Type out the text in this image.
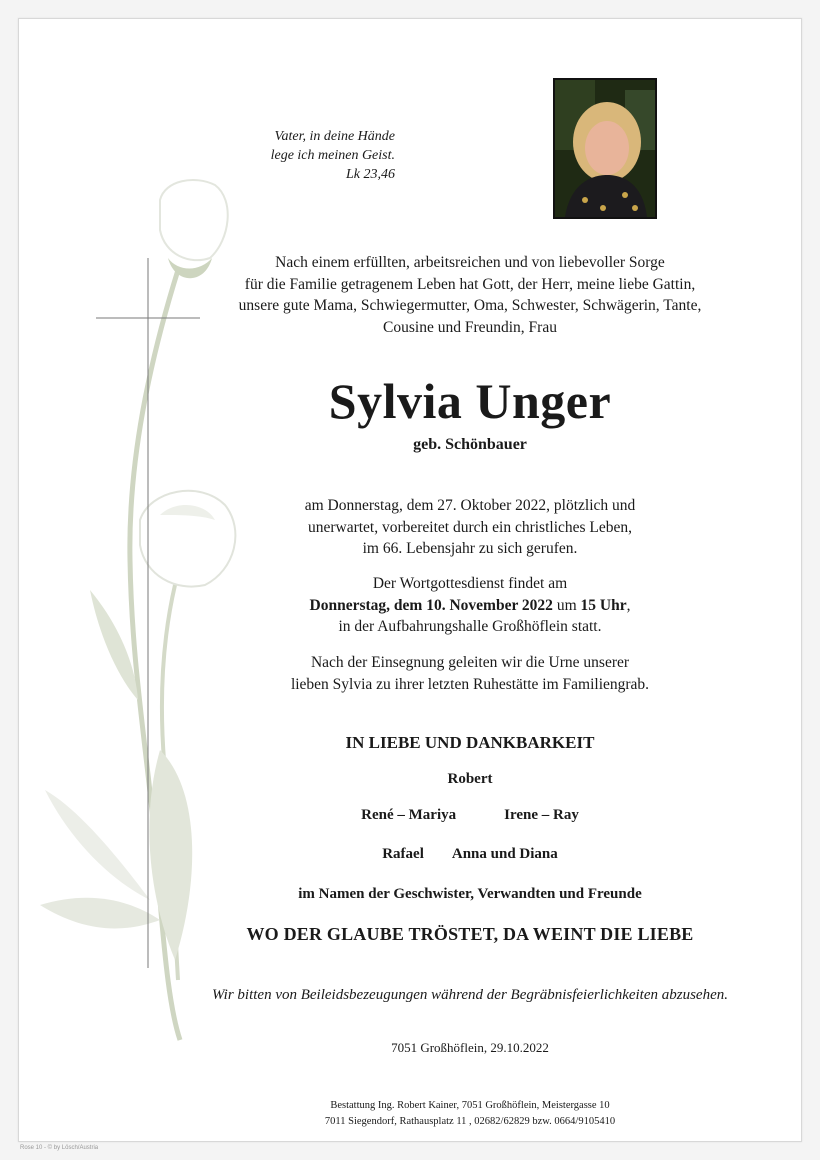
Vater, in deine Hände
lege ich meinen Geist.
Lk 23,46
Nach einem erfüllten, arbeitsreichen und von liebevoller Sorge
für die Familie getragenem Leben hat Gott, der Herr, meine liebe Gattin,
unsere gute Mama, Schwiegermutter, Oma, Schwester, Schwägerin, Tante,
Cousine und Freundin, Frau
Sylvia Unger
geb. Schönbauer
am Donnerstag, dem 27. Oktober 2022, plötzlich und
unerwartet, vorbereitet durch ein christliches Leben,
im 66. Lebensjahr zu sich gerufen.
Der Wortgottesdienst findet am
Donnerstag, dem 10. November 2022 um 15 Uhr,
in der Aufbahrungshalle Großhöflein statt.
Nach der Einsegnung geleiten wir die Urne unserer
lieben Sylvia zu ihrer letzten Ruhestätte im Familiengrab.
IN LIEBE UND DANKBARKEIT
Robert
René – Mariya	Irene – Ray
Rafael Anna und Diana
im Namen der Geschwister, Verwandten und Freunde
WO DER GLAUBE TRÖSTET, DA WEINT DIE LIEBE
Wir bitten von Beileidsbezeugungen während der Begräbnisfeierlichkeiten abzusehen.
7051 Großhöflein, 29.10.2022
Bestattung Ing. Robert Kainer, 7051 Großhöflein, Meistergasse 10
7011 Siegendorf, Rathausplatz 11 , 02682/62829 bzw. 0664/9105410
Rose 10 - © by Lösch/Austria
